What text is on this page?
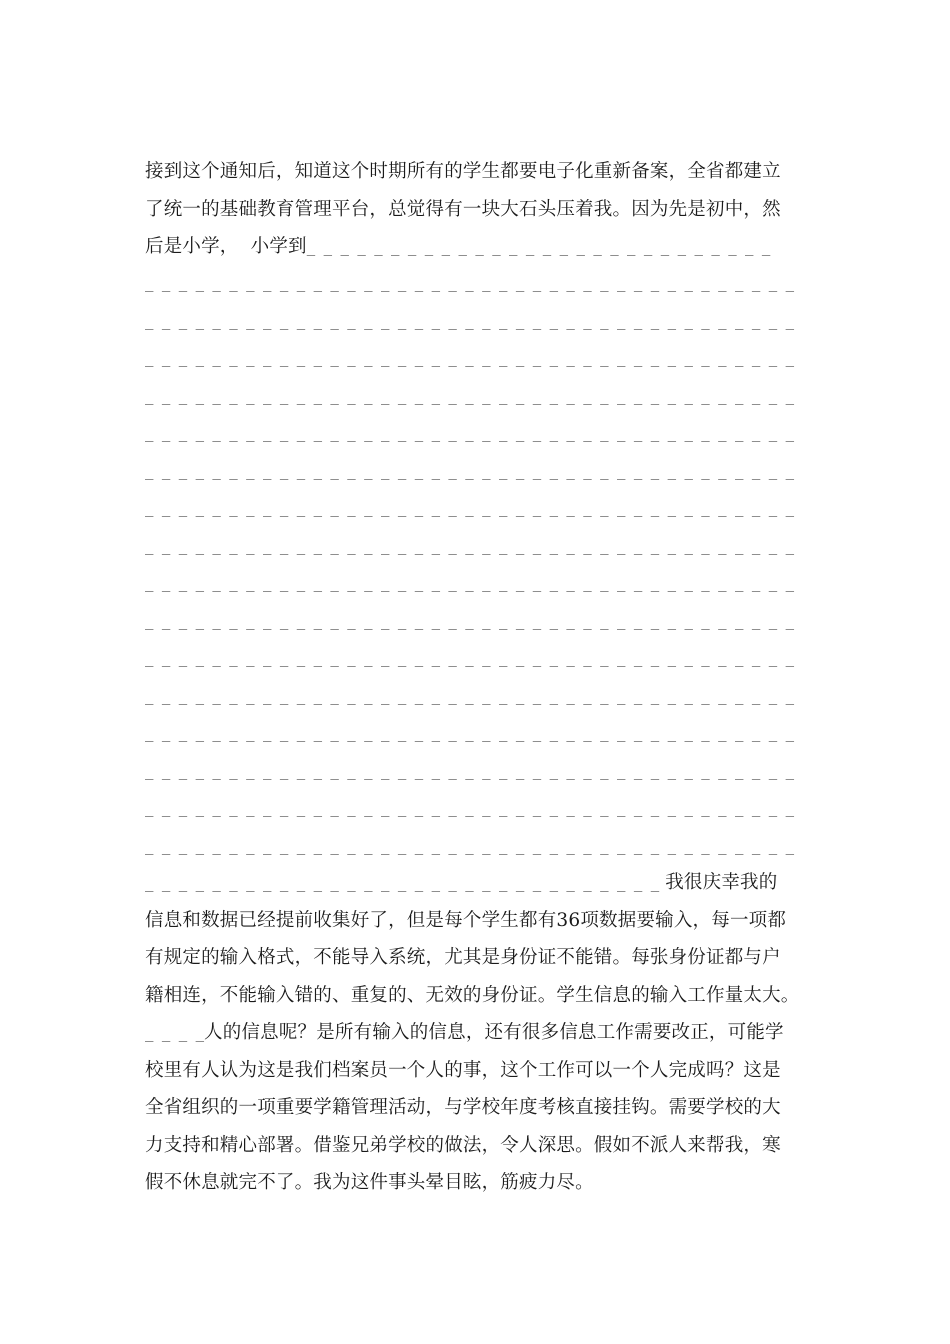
接到这个通知后，知道这个时期所有的学生都要电子化重新备案，全省都建立
了统一的基础教育管理平台，总觉得有一块大石头压着我。因为先是初中，然
后是小学，  小学到_ _ _ _ _ _ _ _ _ _ _ _ _ _ _ _ _ _ _ _ _ _ _ _ _ _ _ _
_ _ _ _ _ _ _ _ _ _ _ _ _ _ _ _ _ _ _ _ _ _ _ _ _ _ _ _ _ _ _ _ _ _ _ _ _ _ _
_ _ _ _ _ _ _ _ _ _ _ _ _ _ _ _ _ _ _ _ _ _ _ _ _ _ _ _ _ _ _ _ _ _ _ _ _ _ _
_ _ _ _ _ _ _ _ _ _ _ _ _ _ _ _ _ _ _ _ _ _ _ _ _ _ _ _ _ _ _ _ _ _ _ _ _ _ _
_ _ _ _ _ _ _ _ _ _ _ _ _ _ _ _ _ _ _ _ _ _ _ _ _ _ _ _ _ _ _ _ _ _ _ _ _ _ _
_ _ _ _ _ _ _ _ _ _ _ _ _ _ _ _ _ _ _ _ _ _ _ _ _ _ _ _ _ _ _ _ _ _ _ _ _ _ _
_ _ _ _ _ _ _ _ _ _ _ _ _ _ _ _ _ _ _ _ _ _ _ _ _ _ _ _ _ _ _ _ _ _ _ _ _ _ _
_ _ _ _ _ _ _ _ _ _ _ _ _ _ _ _ _ _ _ _ _ _ _ _ _ _ _ _ _ _ _ _ _ _ _ _ _ _ _
_ _ _ _ _ _ _ _ _ _ _ _ _ _ _ _ _ _ _ _ _ _ _ _ _ _ _ _ _ _ _ _ _ _ _ _ _ _ _
_ _ _ _ _ _ _ _ _ _ _ _ _ _ _ _ _ _ _ _ _ _ _ _ _ _ _ _ _ _ _ _ _ _ _ _ _ _ _
_ _ _ _ _ _ _ _ _ _ _ _ _ _ _ _ _ _ _ _ _ _ _ _ _ _ _ _ _ _ _ _ _ _ _ _ _ _ _
_ _ _ _ _ _ _ _ _ _ _ _ _ _ _ _ _ _ _ _ _ _ _ _ _ _ _ _ _ _ _ _ _ _ _ _ _ _ _
_ _ _ _ _ _ _ _ _ _ _ _ _ _ _ _ _ _ _ _ _ _ _ _ _ _ _ _ _ _ _ _ _ _ _ _ _ _ _
_ _ _ _ _ _ _ _ _ _ _ _ _ _ _ _ _ _ _ _ _ _ _ _ _ _ _ _ _ _ _ _ _ _ _ _ _ _ _
_ _ _ _ _ _ _ _ _ _ _ _ _ _ _ _ _ _ _ _ _ _ _ _ _ _ _ _ _ _ _ _ _ _ _ _ _ _ _
_ _ _ _ _ _ _ _ _ _ _ _ _ _ _ _ _ _ _ _ _ _ _ _ _ _ _ _ _ _ _ _ _ _ _ _ _ _ _
_ _ _ _ _ _ _ _ _ _ _ _ _ _ _ _ _ _ _ _ _ _ _ _ _ _ _ _ _ _ _ _ _ _ _ _ _ _ _
_ _ _ _ _ _ _ _ _ _ _ _ _ _ _ _ _ _ _ _ _ _ _ _ _ _ _ _ _ _ _ 我很庆幸我的
信息和数据已经提前收集好了，但是每个学生都有36项数据要输入，每一项都
有规定的输入格式，不能导入系统，尤其是身份证不能错。每张身份证都与户
籍相连，不能输入错的、重复的、无效的身份证。学生信息的输入工作量太大。
_ _ _ _人的信息呢？是所有输入的信息，还有很多信息工作需要改正，可能学
校里有人认为这是我们档案员一个人的事，这个工作可以一个人完成吗？这是
全省组织的一项重要学籍管理活动，与学校年度考核直接挂钩。需要学校的大
力支持和精心部署。借鉴兄弟学校的做法，令人深思。假如不派人来帮我，寒
假不休息就完不了。我为这件事头晕目眩，筋疲力尽。
